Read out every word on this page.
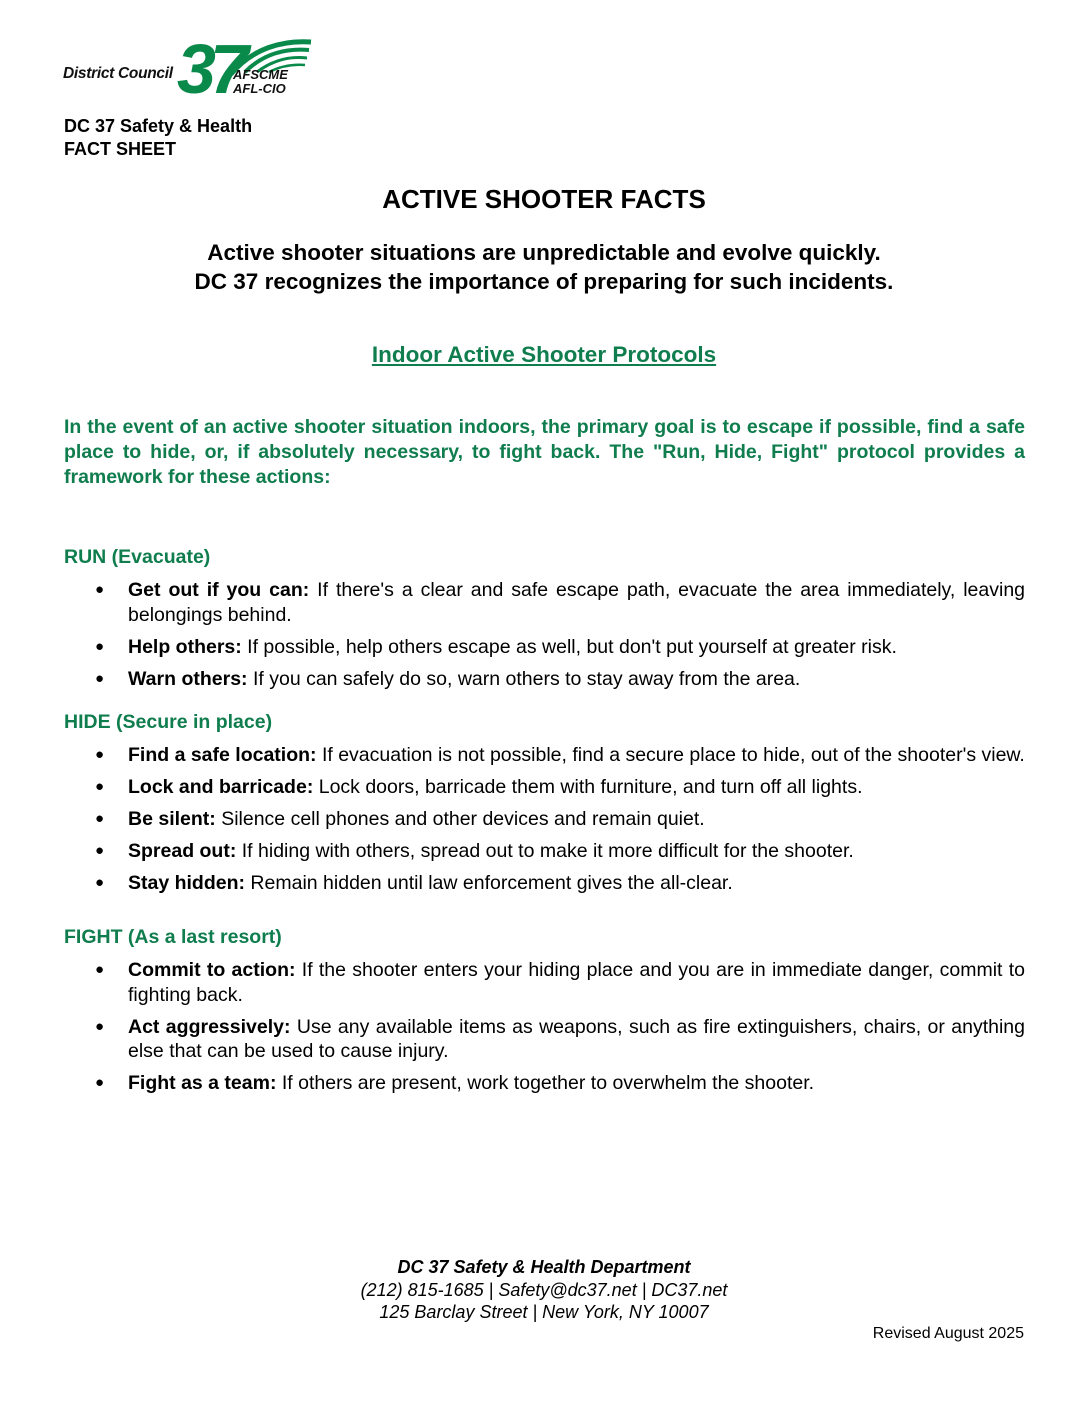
District Council 37
AFSCME
AFL-CIO
DC 37 Safety & Health
FACT SHEET
ACTIVE SHOOTER FACTS
Active shooter situations are unpredictable and evolve quickly.
DC 37 recognizes the importance of preparing for such incidents.
Indoor Active Shooter Protocols
In the event of an active shooter situation indoors, the primary goal is to escape if possible, find a safe place to hide, or, if absolutely necessary, to fight back. The "Run, Hide, Fight" protocol provides a framework for these actions:
RUN (Evacuate)
● Get out if you can: If there's a clear and safe escape path, evacuate the area immediately, leaving belongings behind.
● Help others: If possible, help others escape as well, but don't put yourself at greater risk.
● Warn others: If you can safely do so, warn others to stay away from the area.
HIDE (Secure in place)
● Find a safe location: If evacuation is not possible, find a secure place to hide, out of the shooter's view.
● Lock and barricade: Lock doors, barricade them with furniture, and turn off all lights.
● Be silent: Silence cell phones and other devices and remain quiet.
● Spread out: If hiding with others, spread out to make it more difficult for the shooter.
● Stay hidden: Remain hidden until law enforcement gives the all-clear.
FIGHT (As a last resort)
● Commit to action: If the shooter enters your hiding place and you are in immediate danger, commit to fighting back.
● Act aggressively: Use any available items as weapons, such as fire extinguishers, chairs, or anything else that can be used to cause injury.
● Fight as a team: If others are present, work together to overwhelm the shooter.
DC 37 Safety & Health Department
(212) 815-1685 | Safety@dc37.net | DC37.net
125 Barclay Street | New York, NY 10007
Revised August 2025
